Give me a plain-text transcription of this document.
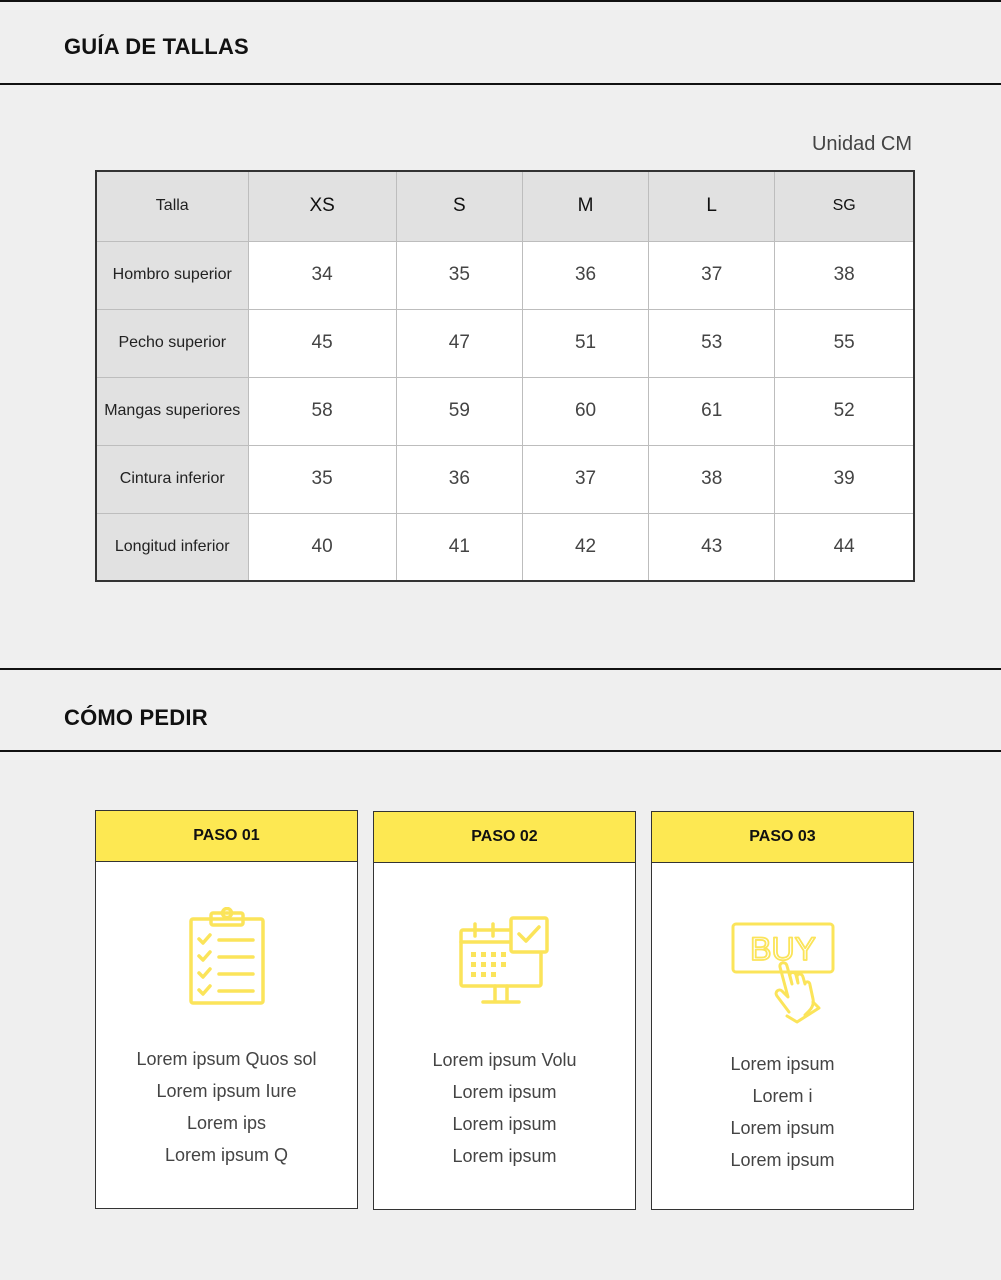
GUÍA DE TALLAS
Unidad CM
Talla	XS	S	M	L	SG
Hombro superior	34	35	36	37	38
Pecho superior	45	47	51	53	55
Mangas superiores	58	59	60	61	52
Cintura inferior	35	36	37	38	39
Longitud inferior	40	41	42	43	44
CÓMO PEDIR
PASO 01
Lorem ipsum Quos sol
Lorem ipsum Iure
Lorem ips
Lorem ipsum Q
PASO 02
Lorem ipsum Volu
Lorem ipsum
Lorem ipsum
Lorem ipsum
PASO 03
BUY
Lorem ipsum
Lorem i
Lorem ipsum
Lorem ipsum
